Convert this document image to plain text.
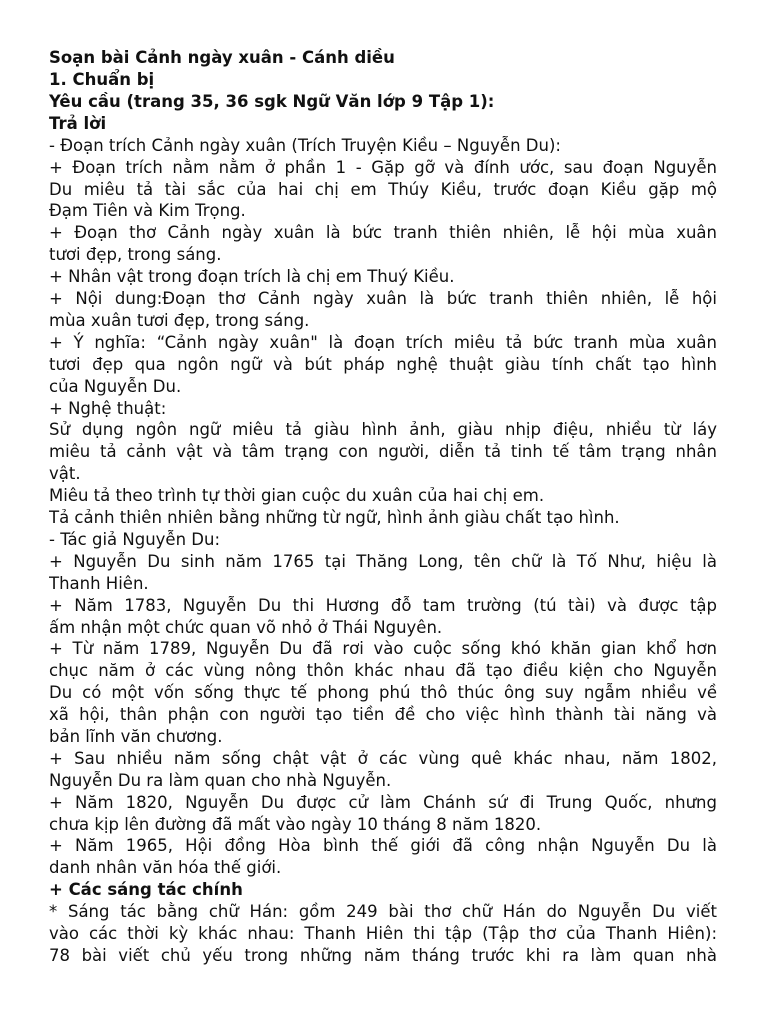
Soạn bài Cảnh ngày xuân - Cánh diều
1. Chuẩn bị
Yêu cầu (trang 35, 36 sgk Ngữ Văn lớp 9 Tập 1):
Trả lời
- Đoạn trích Cảnh ngày xuân (Trích Truyện Kiều – Nguyễn Du):
+ Đoạn trích nằm nằm ở phần 1 - Gặp gỡ và đính ước, sau đoạn Nguyễn
Du miêu tả tài sắc của hai chị em Thúy Kiều, trước đoạn Kiều gặp mộ
Đạm Tiên và Kim Trọng.
+ Đoạn thơ Cảnh ngày xuân là bức tranh thiên nhiên, lễ hội mùa xuân
tươi đẹp, trong sáng.
+ Nhân vật trong đoạn trích là chị em Thuý Kiều.
+ Nội dung:Đoạn thơ Cảnh ngày xuân là bức tranh thiên nhiên, lễ hội
mùa xuân tươi đẹp, trong sáng.
+ Ý nghĩa: “Cảnh ngày xuân" là đoạn trích miêu tả bức tranh mùa xuân
tươi đẹp qua ngôn ngữ và bút pháp nghệ thuật giàu tính chất tạo hình
của Nguyễn Du.
+ Nghệ thuật:
Sử dụng ngôn ngữ miêu tả giàu hình ảnh, giàu nhịp điệu, nhiều từ láy
miêu tả cảnh vật và tâm trạng con người, diễn tả tinh tế tâm trạng nhân
vật.
Miêu tả theo trình tự thời gian cuộc du xuân của hai chị em.
Tả cảnh thiên nhiên bằng những từ ngữ, hình ảnh giàu chất tạo hình.
- Tác giả Nguyễn Du:
+ Nguyễn Du sinh năm 1765 tại Thăng Long, tên chữ là Tố Như, hiệu là
Thanh Hiên.
+ Năm 1783, Nguyễn Du thi Hương đỗ tam trường (tú tài) và được tập
ấm nhận một chức quan võ nhỏ ở Thái Nguyên.
+ Từ năm 1789, Nguyễn Du đã rơi vào cuộc sống khó khăn gian khổ hơn
chục năm ở các vùng nông thôn khác nhau đã tạo điều kiện cho Nguyễn
Du có một vốn sống thực tế phong phú thô thúc ông suy ngẫm nhiều về
xã hội, thân phận con người tạo tiền đề cho việc hình thành tài năng và
bản lĩnh văn chương.
+ Sau nhiều năm sống chật vật ở các vùng quê khác nhau, năm 1802,
Nguyễn Du ra làm quan cho nhà Nguyễn.
+ Năm 1820, Nguyễn Du được cử làm Chánh sứ đi Trung Quốc, nhưng
chưa kịp lên đường đã mất vào ngày 10 tháng 8 năm 1820.
+ Năm 1965, Hội đồng Hòa bình thế giới đã công nhận Nguyễn Du là
danh nhân văn hóa thế giới.
+ Các sáng tác chính
* Sáng tác bằng chữ Hán: gồm 249 bài thơ chữ Hán do Nguyễn Du viết
vào các thời kỳ khác nhau: Thanh Hiên thi tập (Tập thơ của Thanh Hiên):
78 bài viết chủ yếu trong những năm tháng trước khi ra làm quan nhà
